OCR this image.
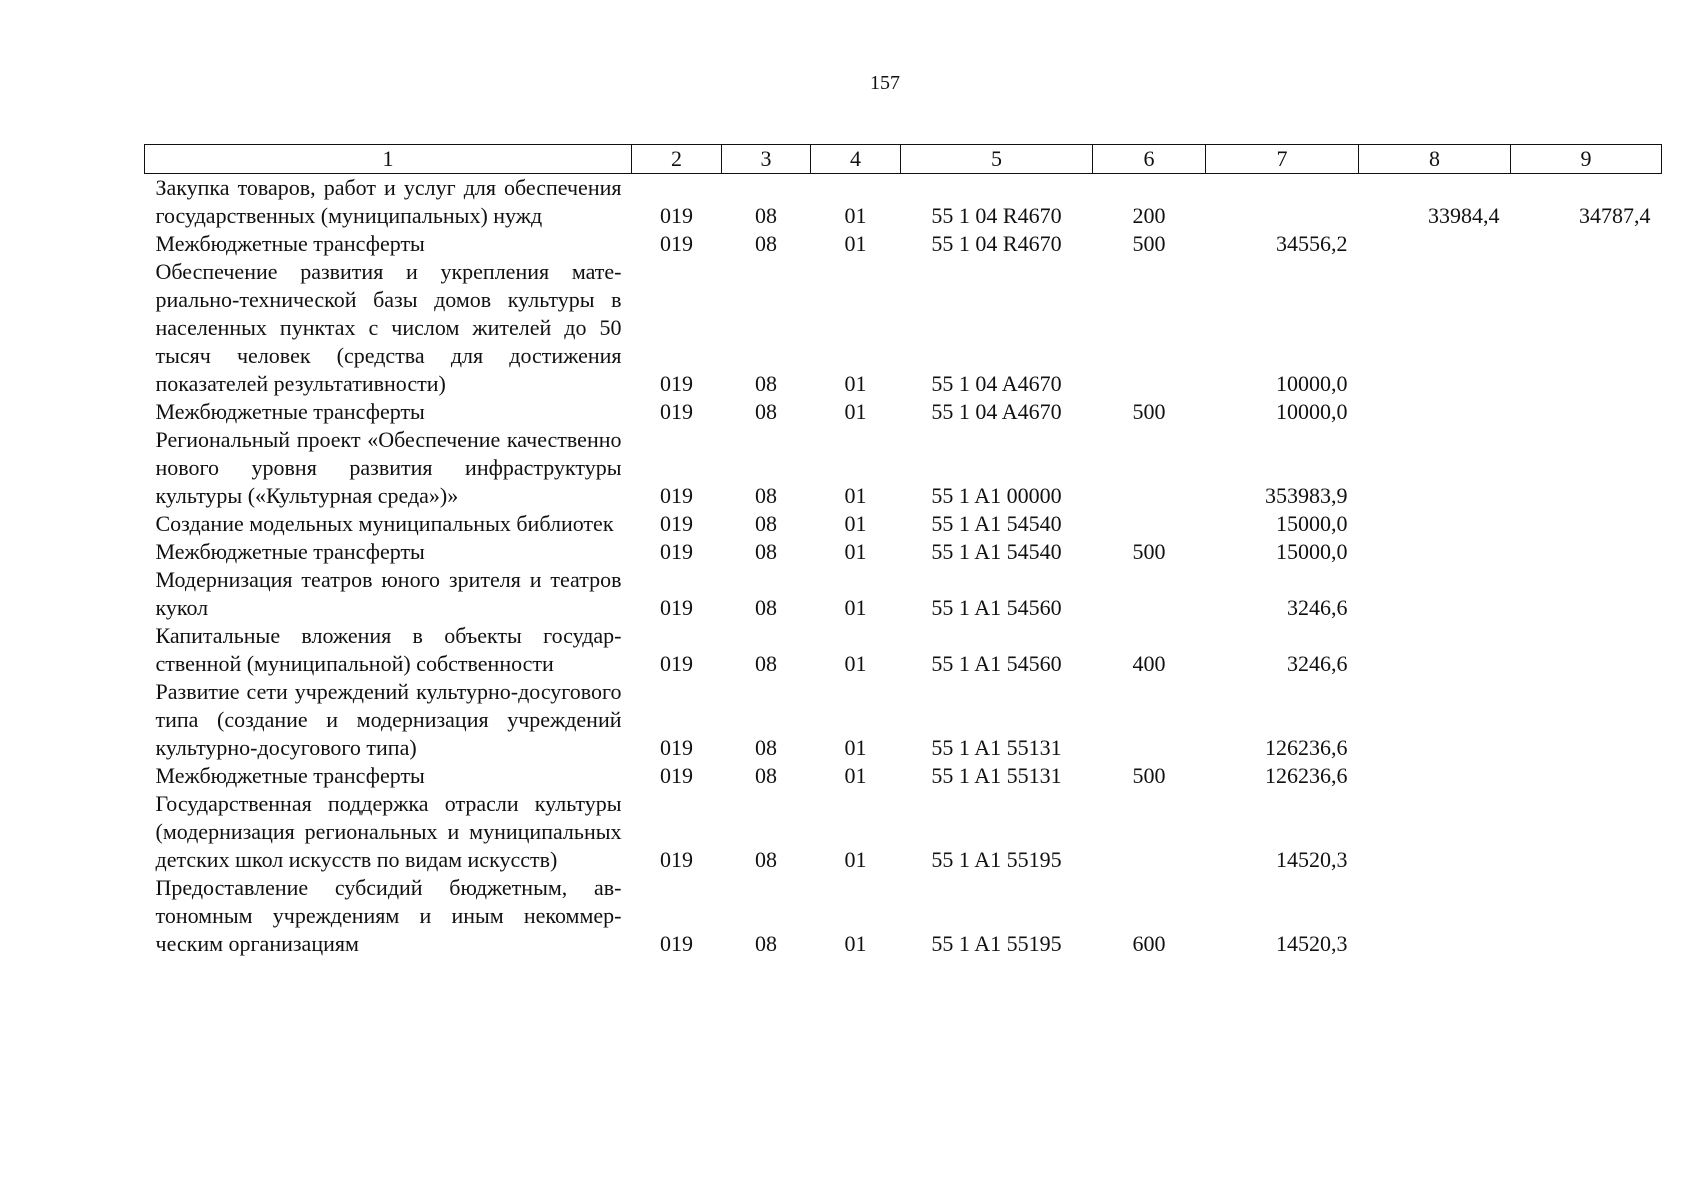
157
1	2	3	4	5	6	7	8	9
Закупка товаров, работ и услуг для обеспечения государственных (муниципальных) нужд	019	08	01	55 1 04 R4670	200		33984,4	34787,4
Межбюджетные трансферты	019	08	01	55 1 04 R4670	500	34556,2		
Обеспечение развития и укрепления материально-технической базы домов культуры в населенных пунктах с числом жителей до 50 тысяч человек (средства для достижения показателей результативности)	019	08	01	55 1 04 A4670		10000,0		
Межбюджетные трансферты	019	08	01	55 1 04 A4670	500	10000,0		
Региональный проект «Обеспечение качественно нового уровня развития инфраструктуры культуры («Культурная среда»)»	019	08	01	55 1 A1 00000		353983,9		
Создание модельных муниципальных библиотек	019	08	01	55 1 A1 54540		15000,0		
Межбюджетные трансферты	019	08	01	55 1 A1 54540	500	15000,0		
Модернизация театров юного зрителя и театров кукол	019	08	01	55 1 A1 54560		3246,6		
Капитальные вложения в объекты государственной (муниципальной) собственности	019	08	01	55 1 A1 54560	400	3246,6		
Развитие сети учреждений культурно-досугового типа (создание и модернизация учреждений культурно-досугового типа)	019	08	01	55 1 A1 55131		126236,6		
Межбюджетные трансферты	019	08	01	55 1 A1 55131	500	126236,6		
Государственная поддержка отрасли культуры (модернизация региональных и муниципальных детских школ искусств по видам искусств)	019	08	01	55 1 A1 55195		14520,3		
Предоставление субсидий бюджетным, автономным учреждениям и иным некоммерческим организациям	019	08	01	55 1 A1 55195	600	14520,3		
